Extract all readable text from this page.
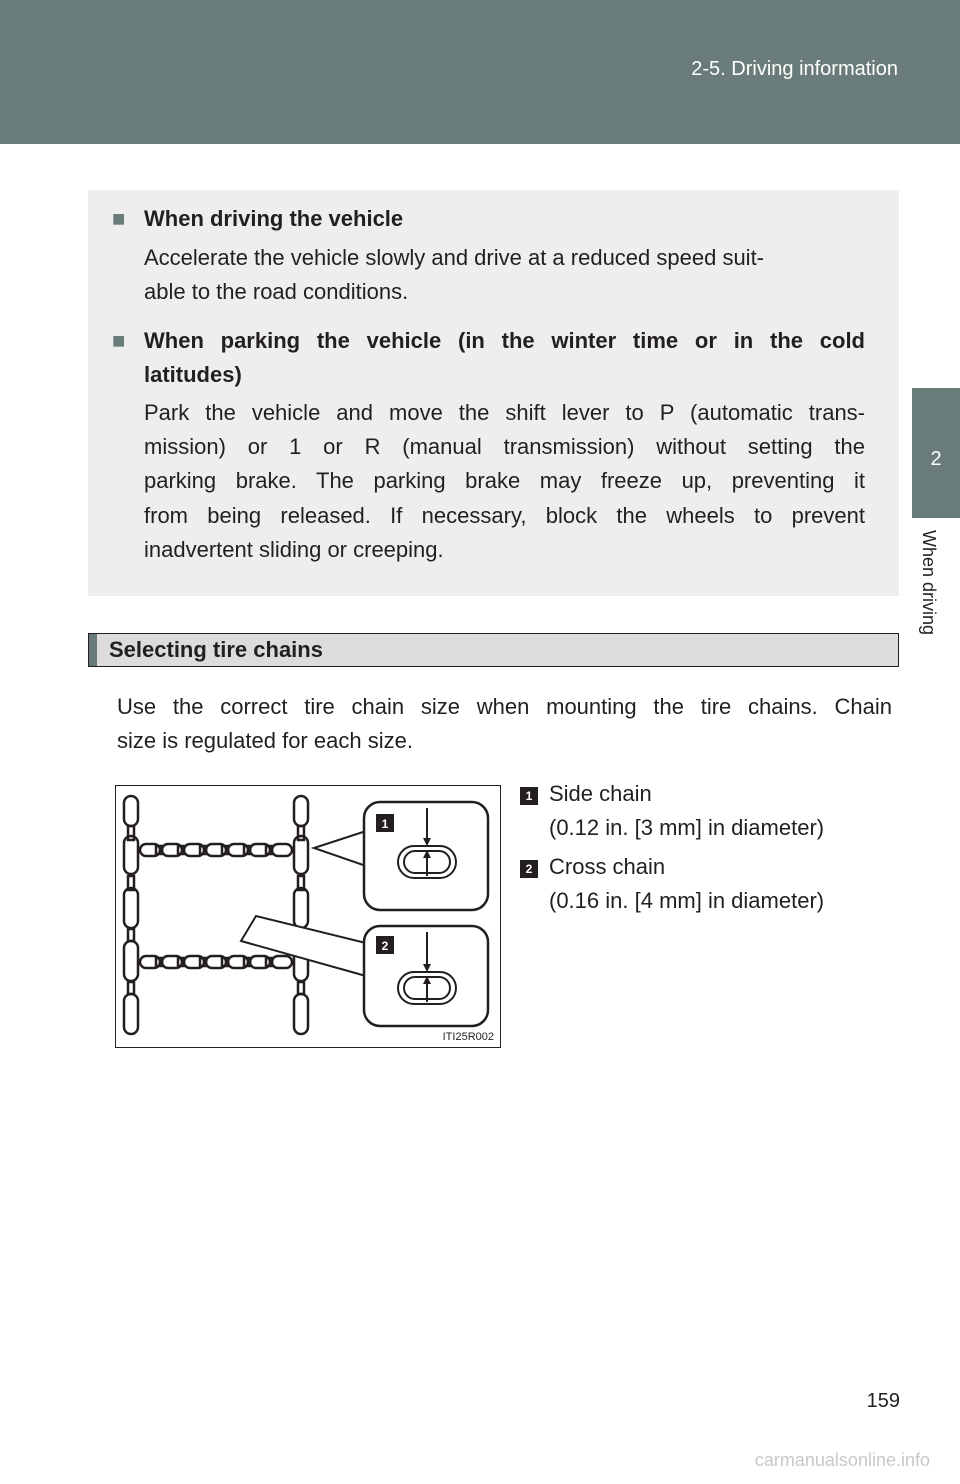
2-5. Driving information
2
When driving
■ When driving the vehicle
Accelerate the vehicle slowly and drive at a reduced speed suit-
able to the road conditions.
■ When parking the vehicle (in the winter time or in the cold
latitudes)
Park the vehicle and move the shift lever to P (automatic trans-
mission) or 1 or R (manual transmission) without setting the
parking brake. The parking brake may freeze up, preventing it
from being released. If necessary, block the wheels to prevent
inadvertent sliding or creeping.
Selecting tire chains
Use the correct tire chain size when mounting the tire chains. Chain
size is regulated for each size.
1
2
ITI25R002
1 Side chain
(0.12 in. [3 mm] in diameter)
2 Cross chain
(0.16 in. [4 mm] in diameter)
159
carmanualsonline.info
